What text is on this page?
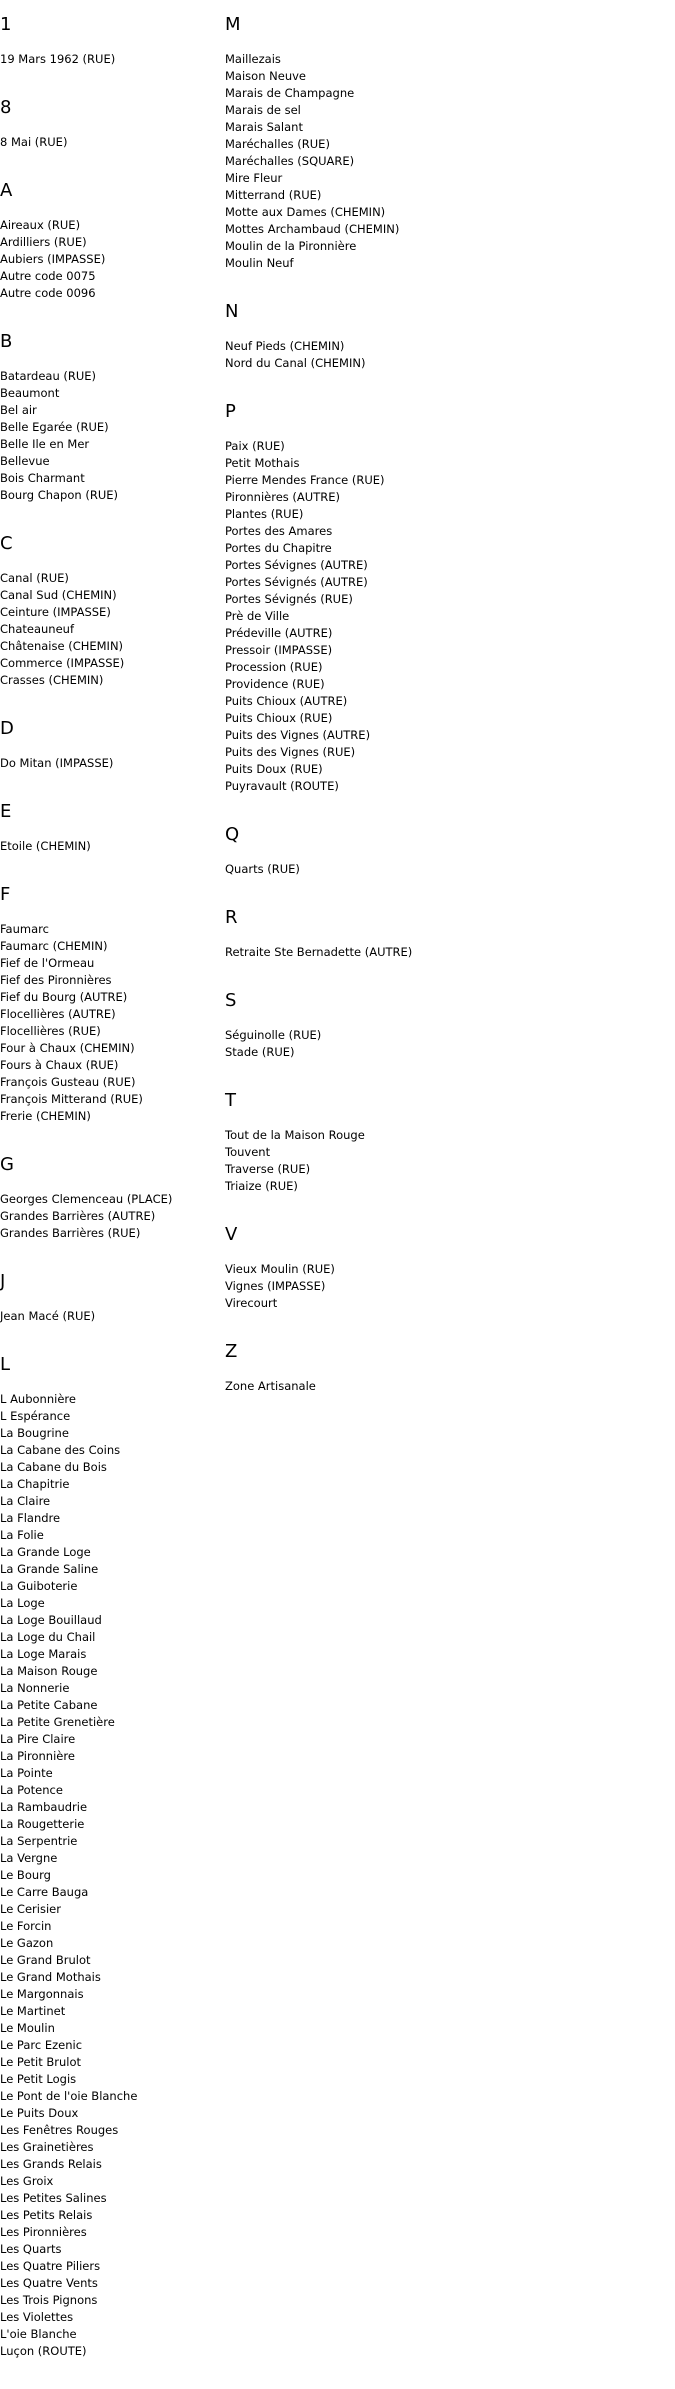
1
19 Mars 1962 (RUE)
8
8 Mai (RUE)
A
Aireaux (RUE)
Ardilliers (RUE)
Aubiers (IMPASSE)
Autre code 0075
Autre code 0096
B
Batardeau (RUE)
Beaumont
Bel air
Belle Egarée (RUE)
Belle Ile en Mer
Bellevue
Bois Charmant
Bourg Chapon (RUE)
C
Canal (RUE)
Canal Sud (CHEMIN)
Ceinture (IMPASSE)
Chateauneuf
Châtenaise (CHEMIN)
Commerce (IMPASSE)
Crasses (CHEMIN)
D
Do Mitan (IMPASSE)
E
Etoile (CHEMIN)
F
Faumarc
Faumarc (CHEMIN)
Fief de l'Ormeau
Fief des Pironnières
Fief du Bourg (AUTRE)
Flocellières (AUTRE)
Flocellières (RUE)
Four à Chaux (CHEMIN)
Fours à Chaux (RUE)
François Gusteau (RUE)
François Mitterand (RUE)
Frerie (CHEMIN)
G
Georges Clemenceau (PLACE)
Grandes Barrières (AUTRE)
Grandes Barrières (RUE)
J
Jean Macé (RUE)
L
L Aubonnière
L Espérance
La Bougrine
La Cabane des Coins
La Cabane du Bois
La Chapitrie
La Claire
La Flandre
La Folie
La Grande Loge
La Grande Saline
La Guiboterie
La Loge
La Loge Bouillaud
La Loge du Chail
La Loge Marais
La Maison Rouge
La Nonnerie
La Petite Cabane
La Petite Grenetière
La Pire Claire
La Pironnière
La Pointe
La Potence
La Rambaudrie
La Rougetterie
La Serpentrie
La Vergne
Le Bourg
Le Carre Bauga
Le Cerisier
Le Forcin
Le Gazon
Le Grand Brulot
Le Grand Mothais
Le Margonnais
Le Martinet
Le Moulin
Le Parc Ezenic
Le Petit Brulot
Le Petit Logis
Le Pont de l'oie Blanche
Le Puits Doux
Les Fenêtres Rouges
Les Grainetières
Les Grands Relais
Les Groix
Les Petites Salines
Les Petits Relais
Les Pironnières
Les Quarts
Les Quatre Piliers
Les Quatre Vents
Les Trois Pignons
Les Violettes
L'oie Blanche
Luçon (ROUTE)
M
Maillezais
Maison Neuve
Marais de Champagne
Marais de sel
Marais Salant
Maréchalles (RUE)
Maréchalles (SQUARE)
Mire Fleur
Mitterrand (RUE)
Motte aux Dames (CHEMIN)
Mottes Archambaud (CHEMIN)
Moulin de la Pironnière
Moulin Neuf
N
Neuf Pieds (CHEMIN)
Nord du Canal (CHEMIN)
P
Paix (RUE)
Petit Mothais
Pierre Mendes France (RUE)
Pironnières (AUTRE)
Plantes (RUE)
Portes des Amares
Portes du Chapitre
Portes Sévignes (AUTRE)
Portes Sévignés (AUTRE)
Portes Sévignés (RUE)
Prè de Ville
Prédeville (AUTRE)
Pressoir (IMPASSE)
Procession (RUE)
Providence (RUE)
Puits Chioux (AUTRE)
Puits Chioux (RUE)
Puits des Vignes (AUTRE)
Puits des Vignes (RUE)
Puits Doux (RUE)
Puyravault (ROUTE)
Q
Quarts (RUE)
R
Retraite Ste Bernadette (AUTRE)
S
Séguinolle (RUE)
Stade (RUE)
T
Tout de la Maison Rouge
Touvent
Traverse (RUE)
Triaize (RUE)
V
Vieux Moulin (RUE)
Vignes (IMPASSE)
Virecourt
Z
Zone Artisanale
